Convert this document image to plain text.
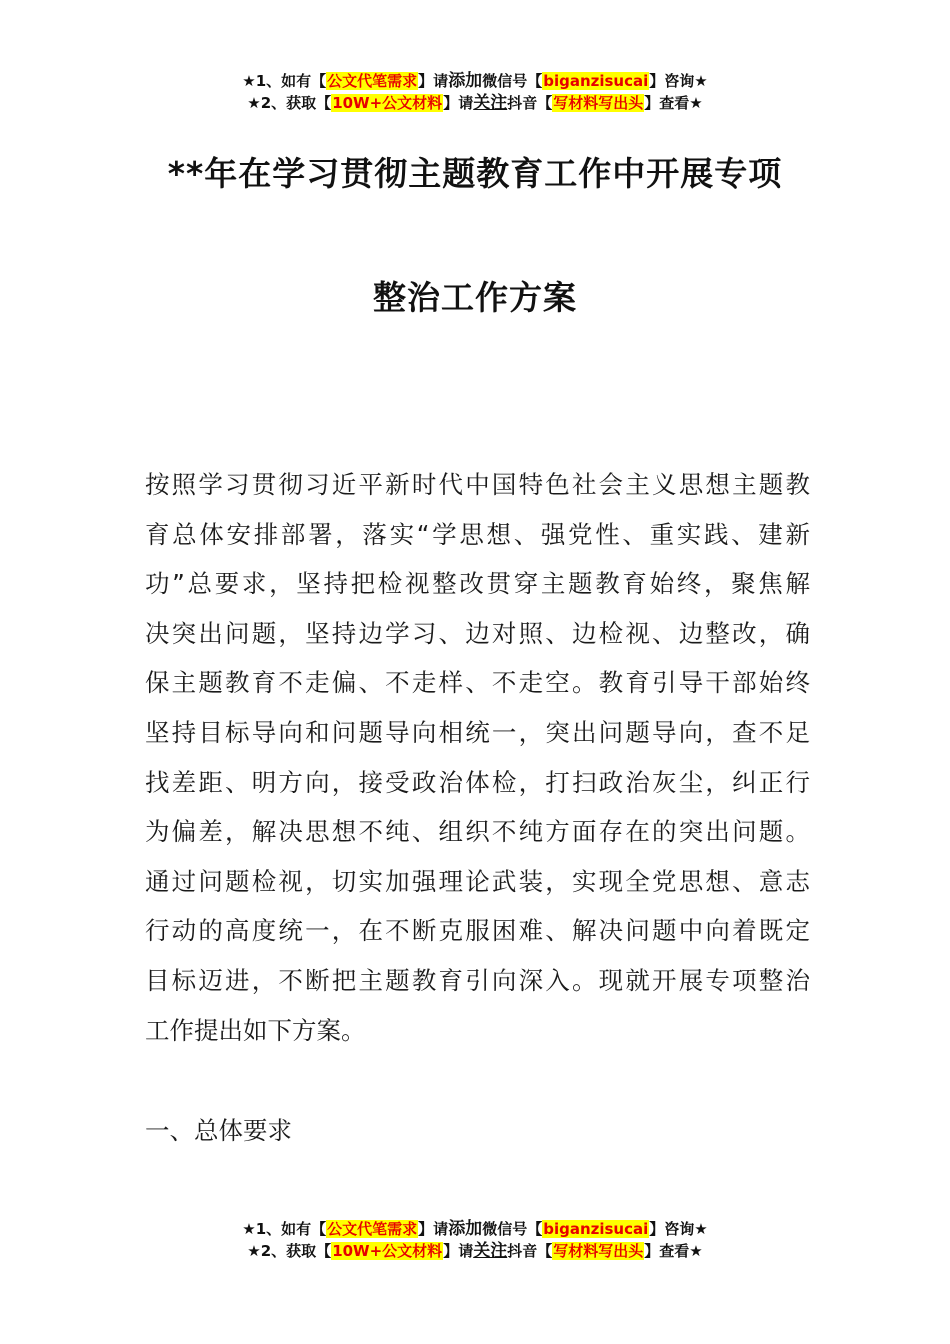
★1、如有【公文代笔需求】请添加微信号【biganzisucai】咨询★
★2、获取【10W+公文材料】请关注抖音【写材料写出头】查看★
**年在学习贯彻主题教育工作中开展专项
整治工作方案
按照学习贯彻习近平新时代中国特色社会主义思想主题教
育总体安排部署，落实“学思想、强党性、重实践、建新
功”总要求，坚持把检视整改贯穿主题教育始终，聚焦解
决突出问题，坚持边学习、边对照、边检视、边整改，确
保主题教育不走偏、不走样、不走空。教育引导干部始终
坚持目标导向和问题导向相统一，突出问题导向，查不足
找差距、明方向，接受政治体检，打扫政治灰尘，纠正行
为偏差，解决思想不纯、组织不纯方面存在的突出问题。
通过问题检视，切实加强理论武装，实现全党思想、意志
行动的高度统一，在不断克服困难、解决问题中向着既定
目标迈进，不断把主题教育引向深入。现就开展专项整治
工作提出如下方案。
一、总体要求
★1、如有【公文代笔需求】请添加微信号【biganzisucai】咨询★
★2、获取【10W+公文材料】请关注抖音【写材料写出头】查看★
